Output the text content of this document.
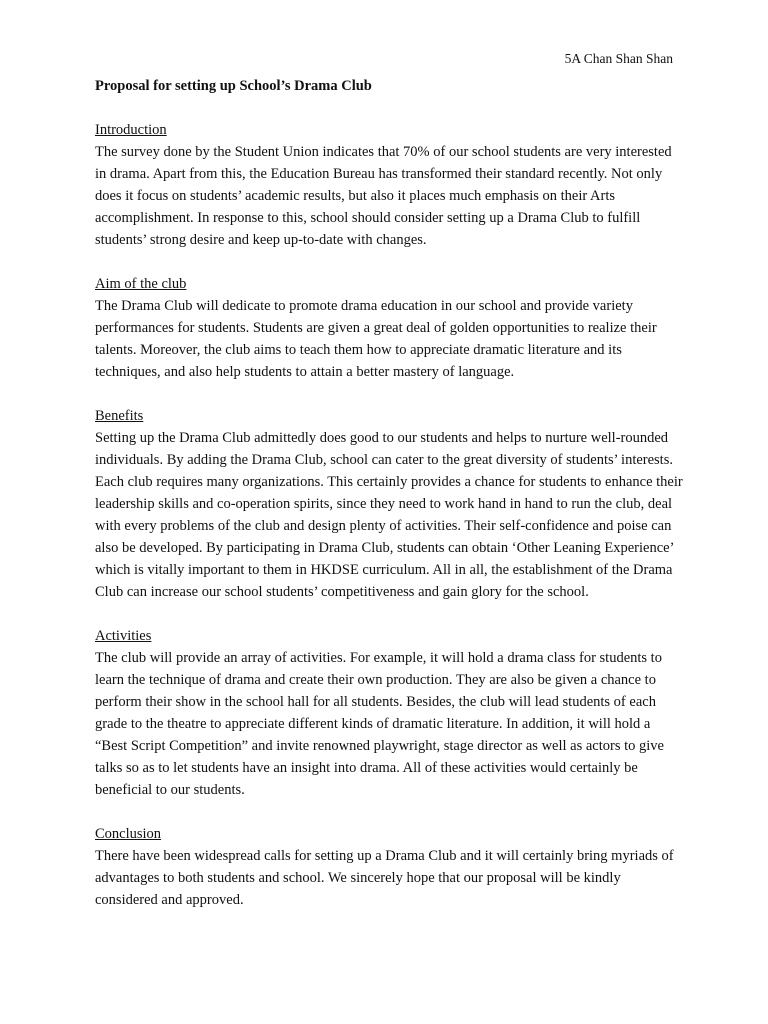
5A Chan Shan Shan
Proposal for setting up School’s Drama Club
Introduction
The survey done by the Student Union indicates that 70% of our school students are very interested in drama. Apart from this, the Education Bureau has transformed their standard recently. Not only does it focus on students’ academic results, but also it places much emphasis on their Arts accomplishment. In response to this, school should consider setting up a Drama Club to fulfill students’ strong desire and keep up-to-date with changes.
Aim of the club
The Drama Club will dedicate to promote drama education in our school and provide variety performances for students. Students are given a great deal of golden opportunities to realize their talents. Moreover, the club aims to teach them how to appreciate dramatic literature and its techniques, and also help students to attain a better mastery of language.
Benefits
Setting up the Drama Club admittedly does good to our students and helps to nurture well-rounded individuals. By adding the Drama Club, school can cater to the great diversity of students’ interests. Each club requires many organizations. This certainly provides a chance for students to enhance their leadership skills and co-operation spirits, since they need to work hand in hand to run the club, deal with every problems of the club and design plenty of activities. Their self-confidence and poise can also be developed. By participating in Drama Club, students can obtain ‘Other Leaning Experience’ which is vitally important to them in HKDSE curriculum. All in all, the establishment of the Drama Club can increase our school students’ competitiveness and gain glory for the school.
Activities
The club will provide an array of activities. For example, it will hold a drama class for students to learn the technique of drama and create their own production. They are also be given a chance to perform their show in the school hall for all students. Besides, the club will lead students of each grade to the theatre to appreciate different kinds of dramatic literature. In addition, it will hold a “Best Script Competition” and invite renowned playwright, stage director as well as actors to give talks so as to let students have an insight into drama. All of these activities would certainly be beneficial to our students.
Conclusion
There have been widespread calls for setting up a Drama Club and it will certainly bring myriads of advantages to both students and school. We sincerely hope that our proposal will be kindly considered and approved.
